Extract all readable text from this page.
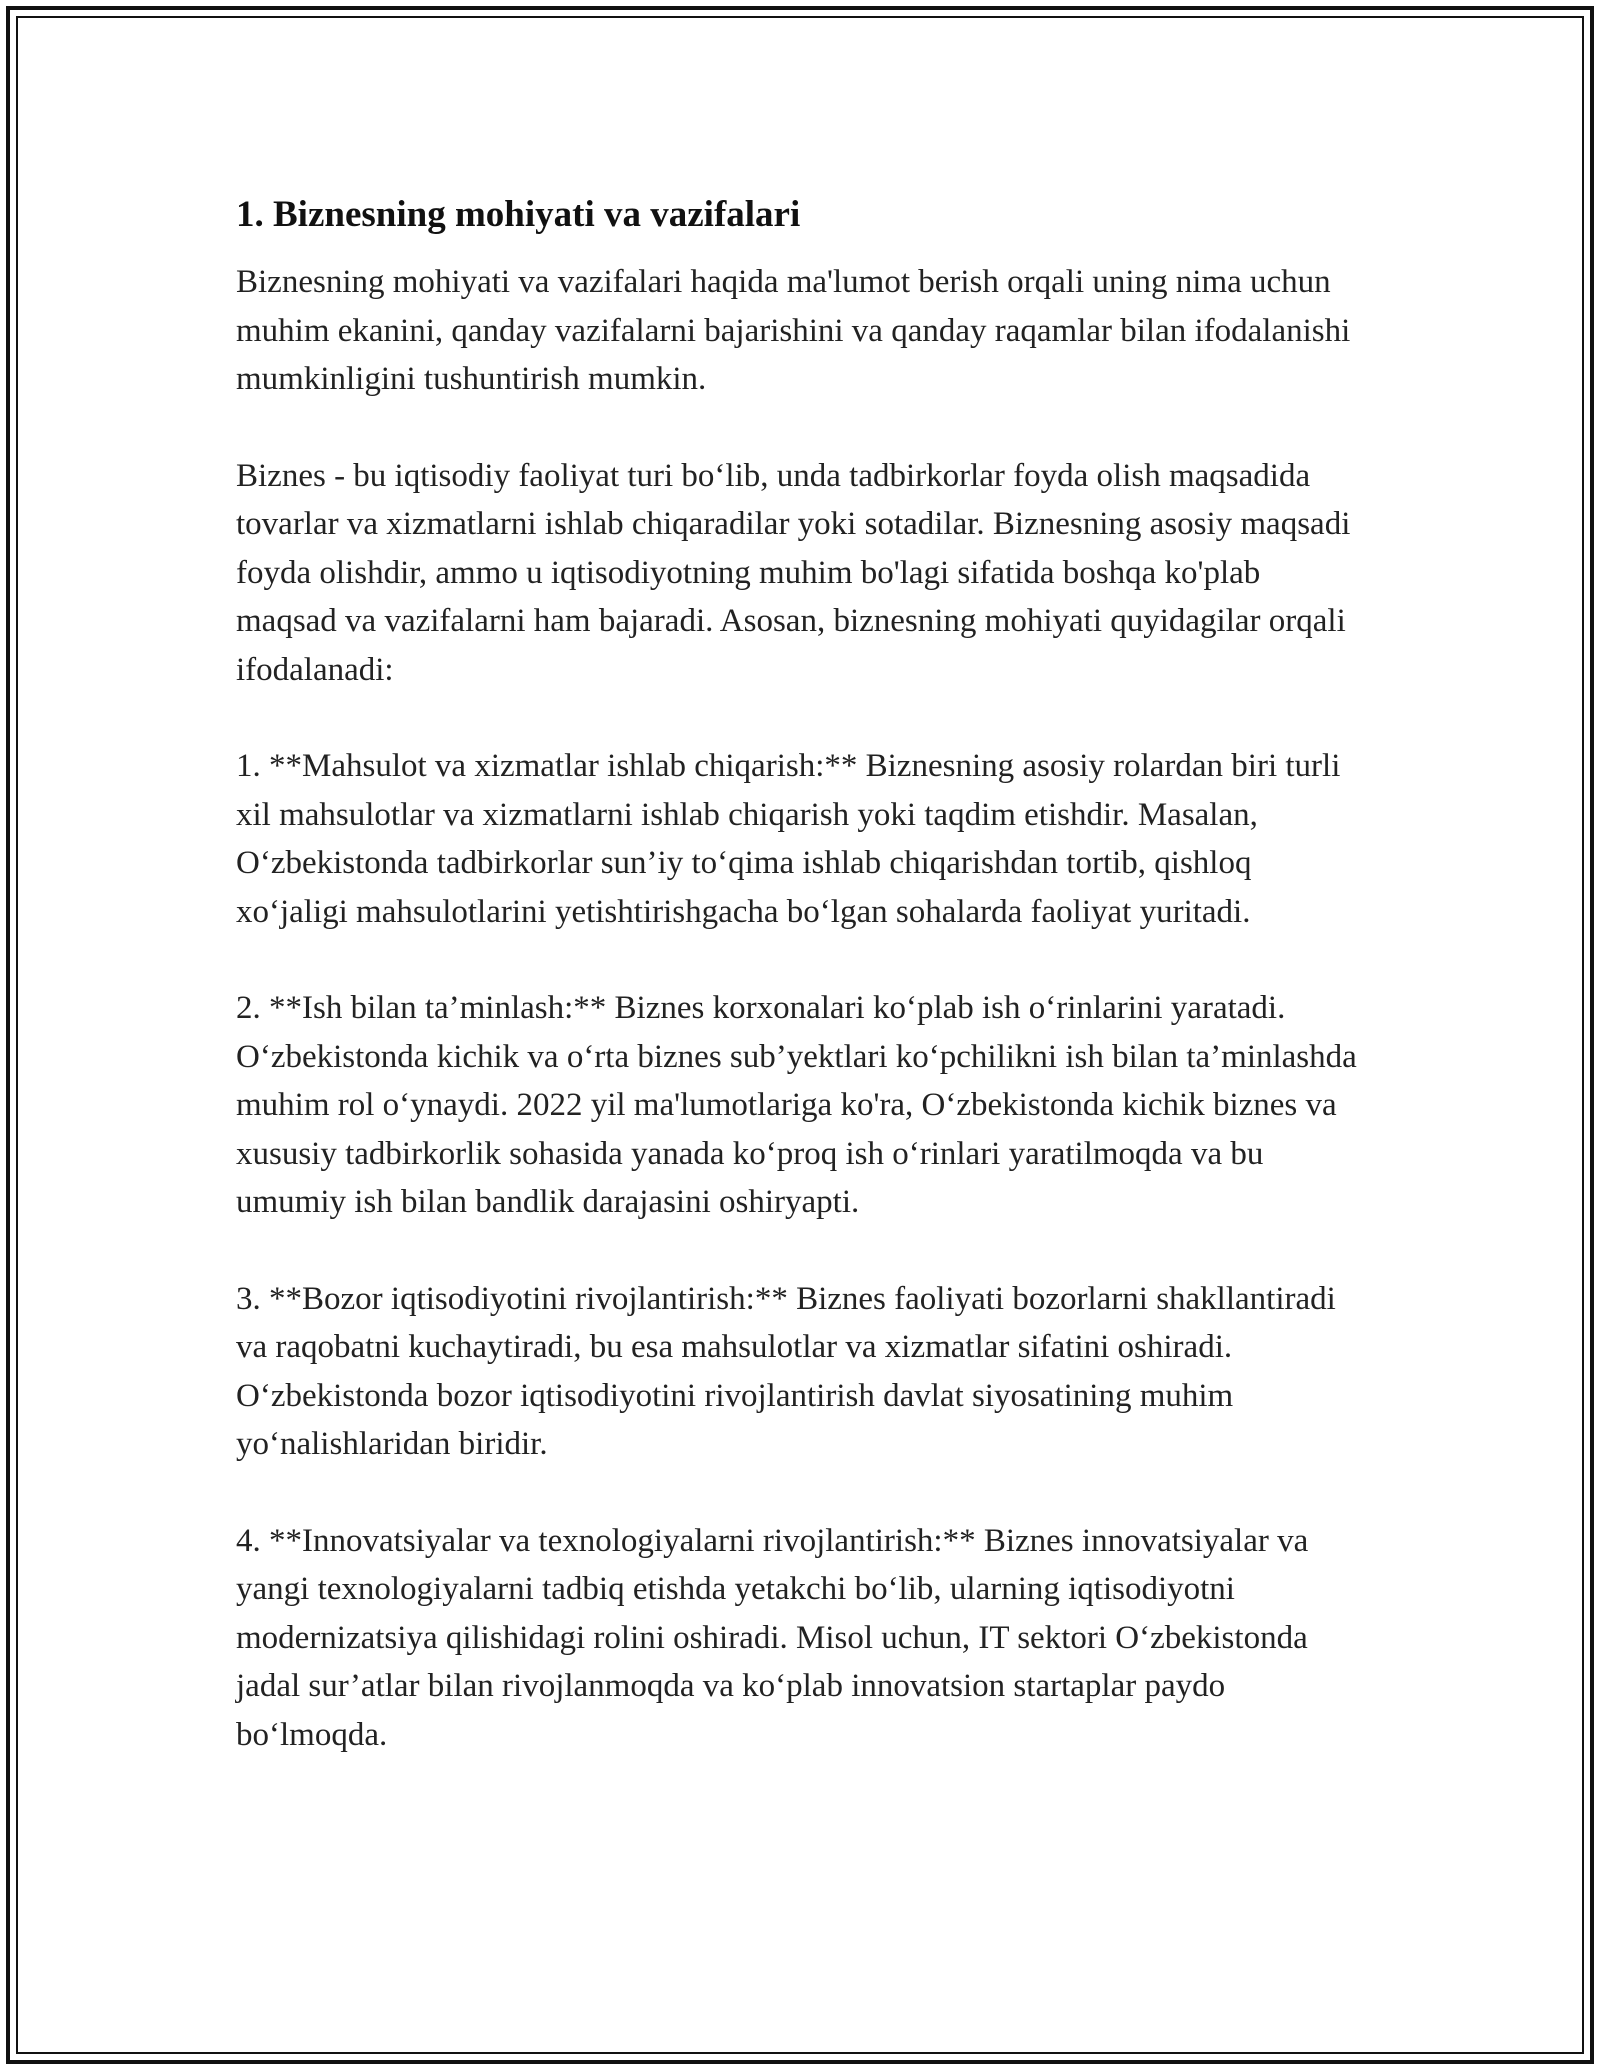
1. Biznesning mohiyati va vazifalari

Biznesning mohiyati va vazifalari haqida ma'lumot berish orqali uning nima uchun muhim ekanini, qanday vazifalarni bajarishini va qanday raqamlar bilan ifodalanishi mumkinligini tushuntirish mumkin.

Biznes - bu iqtisodiy faoliyat turi bo‘lib, unda tadbirkorlar foyda olish maqsadida tovarlar va xizmatlarni ishlab chiqaradilar yoki sotadilar. Biznesning asosiy maqsadi foyda olishdir, ammo u iqtisodiyotning muhim bo'lagi sifatida boshqa ko'plab maqsad va vazifalarni ham bajaradi. Asosan, biznesning mohiyati quyidagilar orqali ifodalanadi:

1. **Mahsulot va xizmatlar ishlab chiqarish:** Biznesning asosiy rolardan biri turli xil mahsulotlar va xizmatlarni ishlab chiqarish yoki taqdim etishdir. Masalan, O‘zbekistonda tadbirkorlar sun’iy to‘qima ishlab chiqarishdan tortib, qishloq xo‘jaligi mahsulotlarini yetishtirishgacha bo‘lgan sohalarda faoliyat yuritadi.

2. **Ish bilan ta’minlash:** Biznes korxonalari ko‘plab ish o‘rinlarini yaratadi. O‘zbekistonda kichik va o‘rta biznes sub’yektlari ko‘pchilikni ish bilan ta’minlashda muhim rol o‘ynaydi. 2022 yil ma'lumotlariga ko'ra, O‘zbekistonda kichik biznes va xususiy tadbirkorlik sohasida yanada ko‘proq ish o‘rinlari yaratilmoqda va bu umumiy ish bilan bandlik darajasini oshiryapti.

3. **Bozor iqtisodiyotini rivojlantirish:** Biznes faoliyati bozorlarni shakllantiradi va raqobatni kuchaytiradi, bu esa mahsulotlar va xizmatlar sifatini oshiradi. O‘zbekistonda bozor iqtisodiyotini rivojlantirish davlat siyosatining muhim yo‘nalishlaridan biridir.

4. **Innovatsiyalar va texnologiyalarni rivojlantirish:** Biznes innovatsiyalar va yangi texnologiyalarni tadbiq etishda yetakchi bo‘lib, ularning iqtisodiyotni modernizatsiya qilishidagi rolini oshiradi. Misol uchun, IT sektori O‘zbekistonda jadal sur’atlar bilan rivojlanmoqda va ko‘plab innovatsion startaplar paydo bo‘lmoqda.
